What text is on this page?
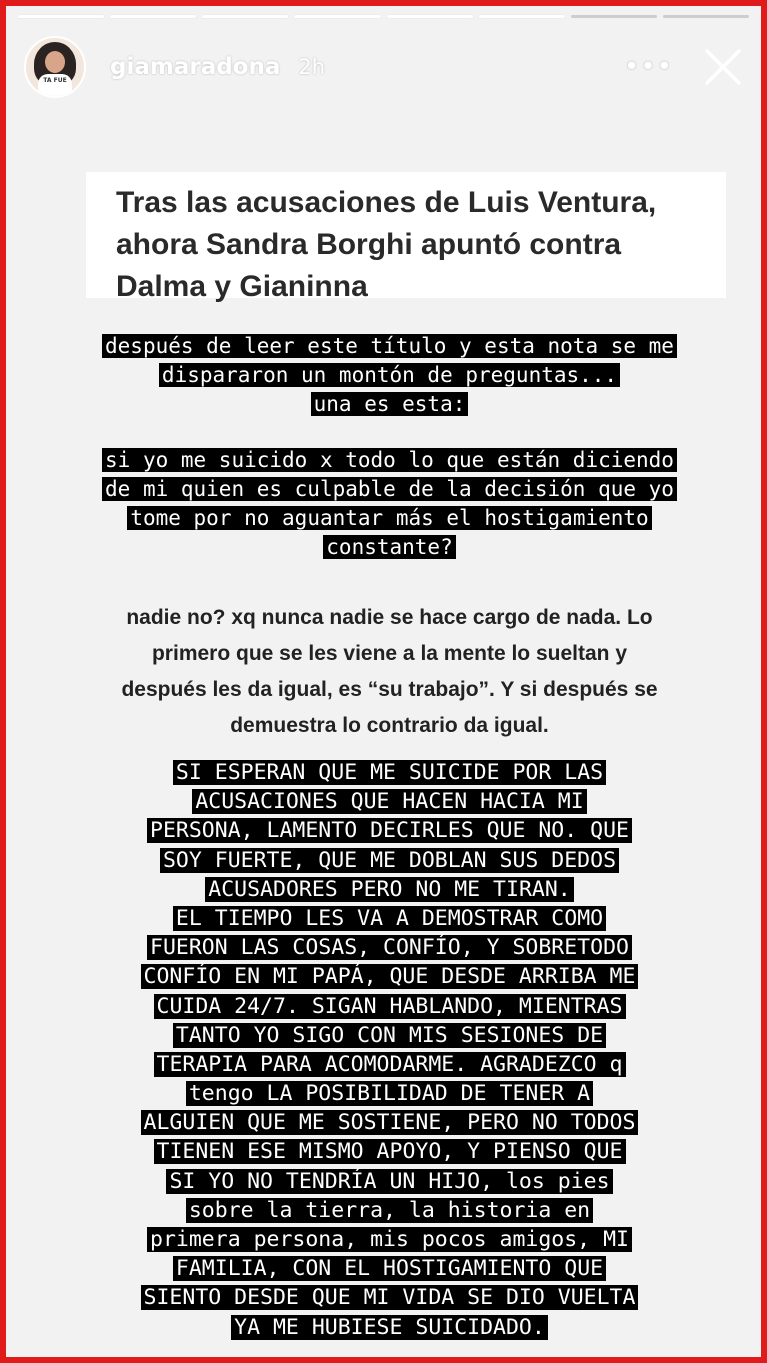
TA FUE
giamaradona 2h	•••

Tras las acusaciones de Luis Ventura,

ahora Sandra Borghi apuntó contra

Dalma y Gianinna

después de leer este título y esta nota se me
dispararon un montón de preguntas...
una es esta:
si yo me suicido x todo lo que están diciendo
de mi quien es culpable de la decisión que yo
tome por no aguantar más el hostigamiento
constante?
nadie no? xq nunca nadie se hace cargo de nada. Lo
primero que se les viene a la mente lo sueltan y
después les da igual, es “su trabajo”. Y si después se
demuestra lo contrario da igual.
SI ESPERAN QUE ME SUICIDE POR LAS
ACUSACIONES QUE HACEN HACIA MI
PERSONA, LAMENTO DECIRLES QUE NO. QUE
SOY FUERTE, QUE ME DOBLAN SUS DEDOS
ACUSADORES PERO NO ME TIRAN.
EL TIEMPO LES VA A DEMOSTRAR COMO
FUERON LAS COSAS, CONFÍO, Y SOBRETODO
CONFÍO EN MI PAPÁ, QUE DESDE ARRIBA ME
CUIDA 24/7. SIGAN HABLANDO, MIENTRAS
TANTO YO SIGO CON MIS SESIONES DE
TERAPIA PARA ACOMODARME. AGRADEZCO q
tengo LA POSIBILIDAD DE TENER A
ALGUIEN QUE ME SOSTIENE, PERO NO TODOS
TIENEN ESE MISMO APOYO, Y PIENSO QUE
SI YO NO TENDRÍA UN HIJO, los pies
sobre la tierra, la historia en
primera persona, mis pocos amigos, MI
FAMILIA, CON EL HOSTIGAMIENTO QUE
SIENTO DESDE QUE MI VIDA SE DIO VUELTA
YA ME HUBIESE SUICIDADO.
